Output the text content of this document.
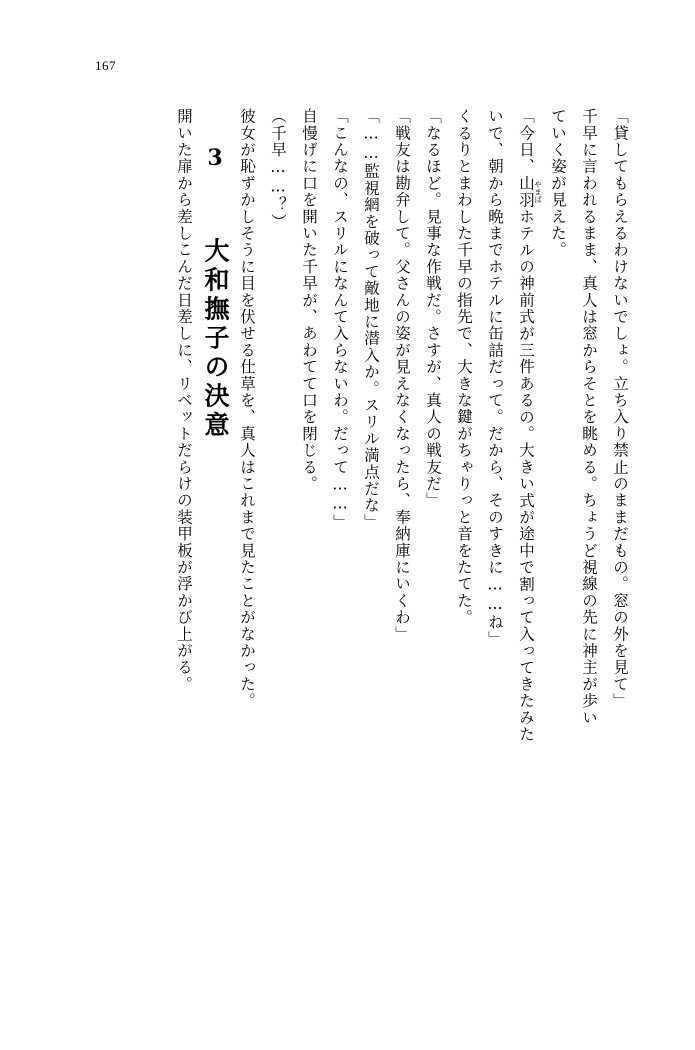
167

「貸してもらえるわけないでしょ。立ち入り禁止のままだもの。窓の外を見て」

千早に言われるまま、真人は窓からそとを眺める。ちょうど視線の先に神主が歩い

ていく姿が見えた。

「今日、山羽やまばホテルの神前式が三件あるの。大きい式が途中で割って入ってきたみた

いで、朝から晩までホテルに缶詰だって。だから、そのすきに……ね」

くるりとまわした千早の指先で、大きな鍵がちゃりっと音をたてた。

「なるほど。見事な作戦だ。さすが、真人の戦友だ」

「戦友は勘弁して。父さんの姿が見えなくなったら、奉納庫にいくわ」

「……監視網を破って敵地に潜入か。スリル満点だな」

「こんなの、スリルになんて入らないわ。だって……」

自慢げに口を開いた千早が、あわてて口を閉じる。

（千早……？）

彼女が恥ずかしそうに目を伏せる仕草を、真人はこれまで見たことがなかった。

3  大和撫子の決意

開いた扉から差しこんだ日差しに、リベットだらけの装甲板が浮かび上がる。
